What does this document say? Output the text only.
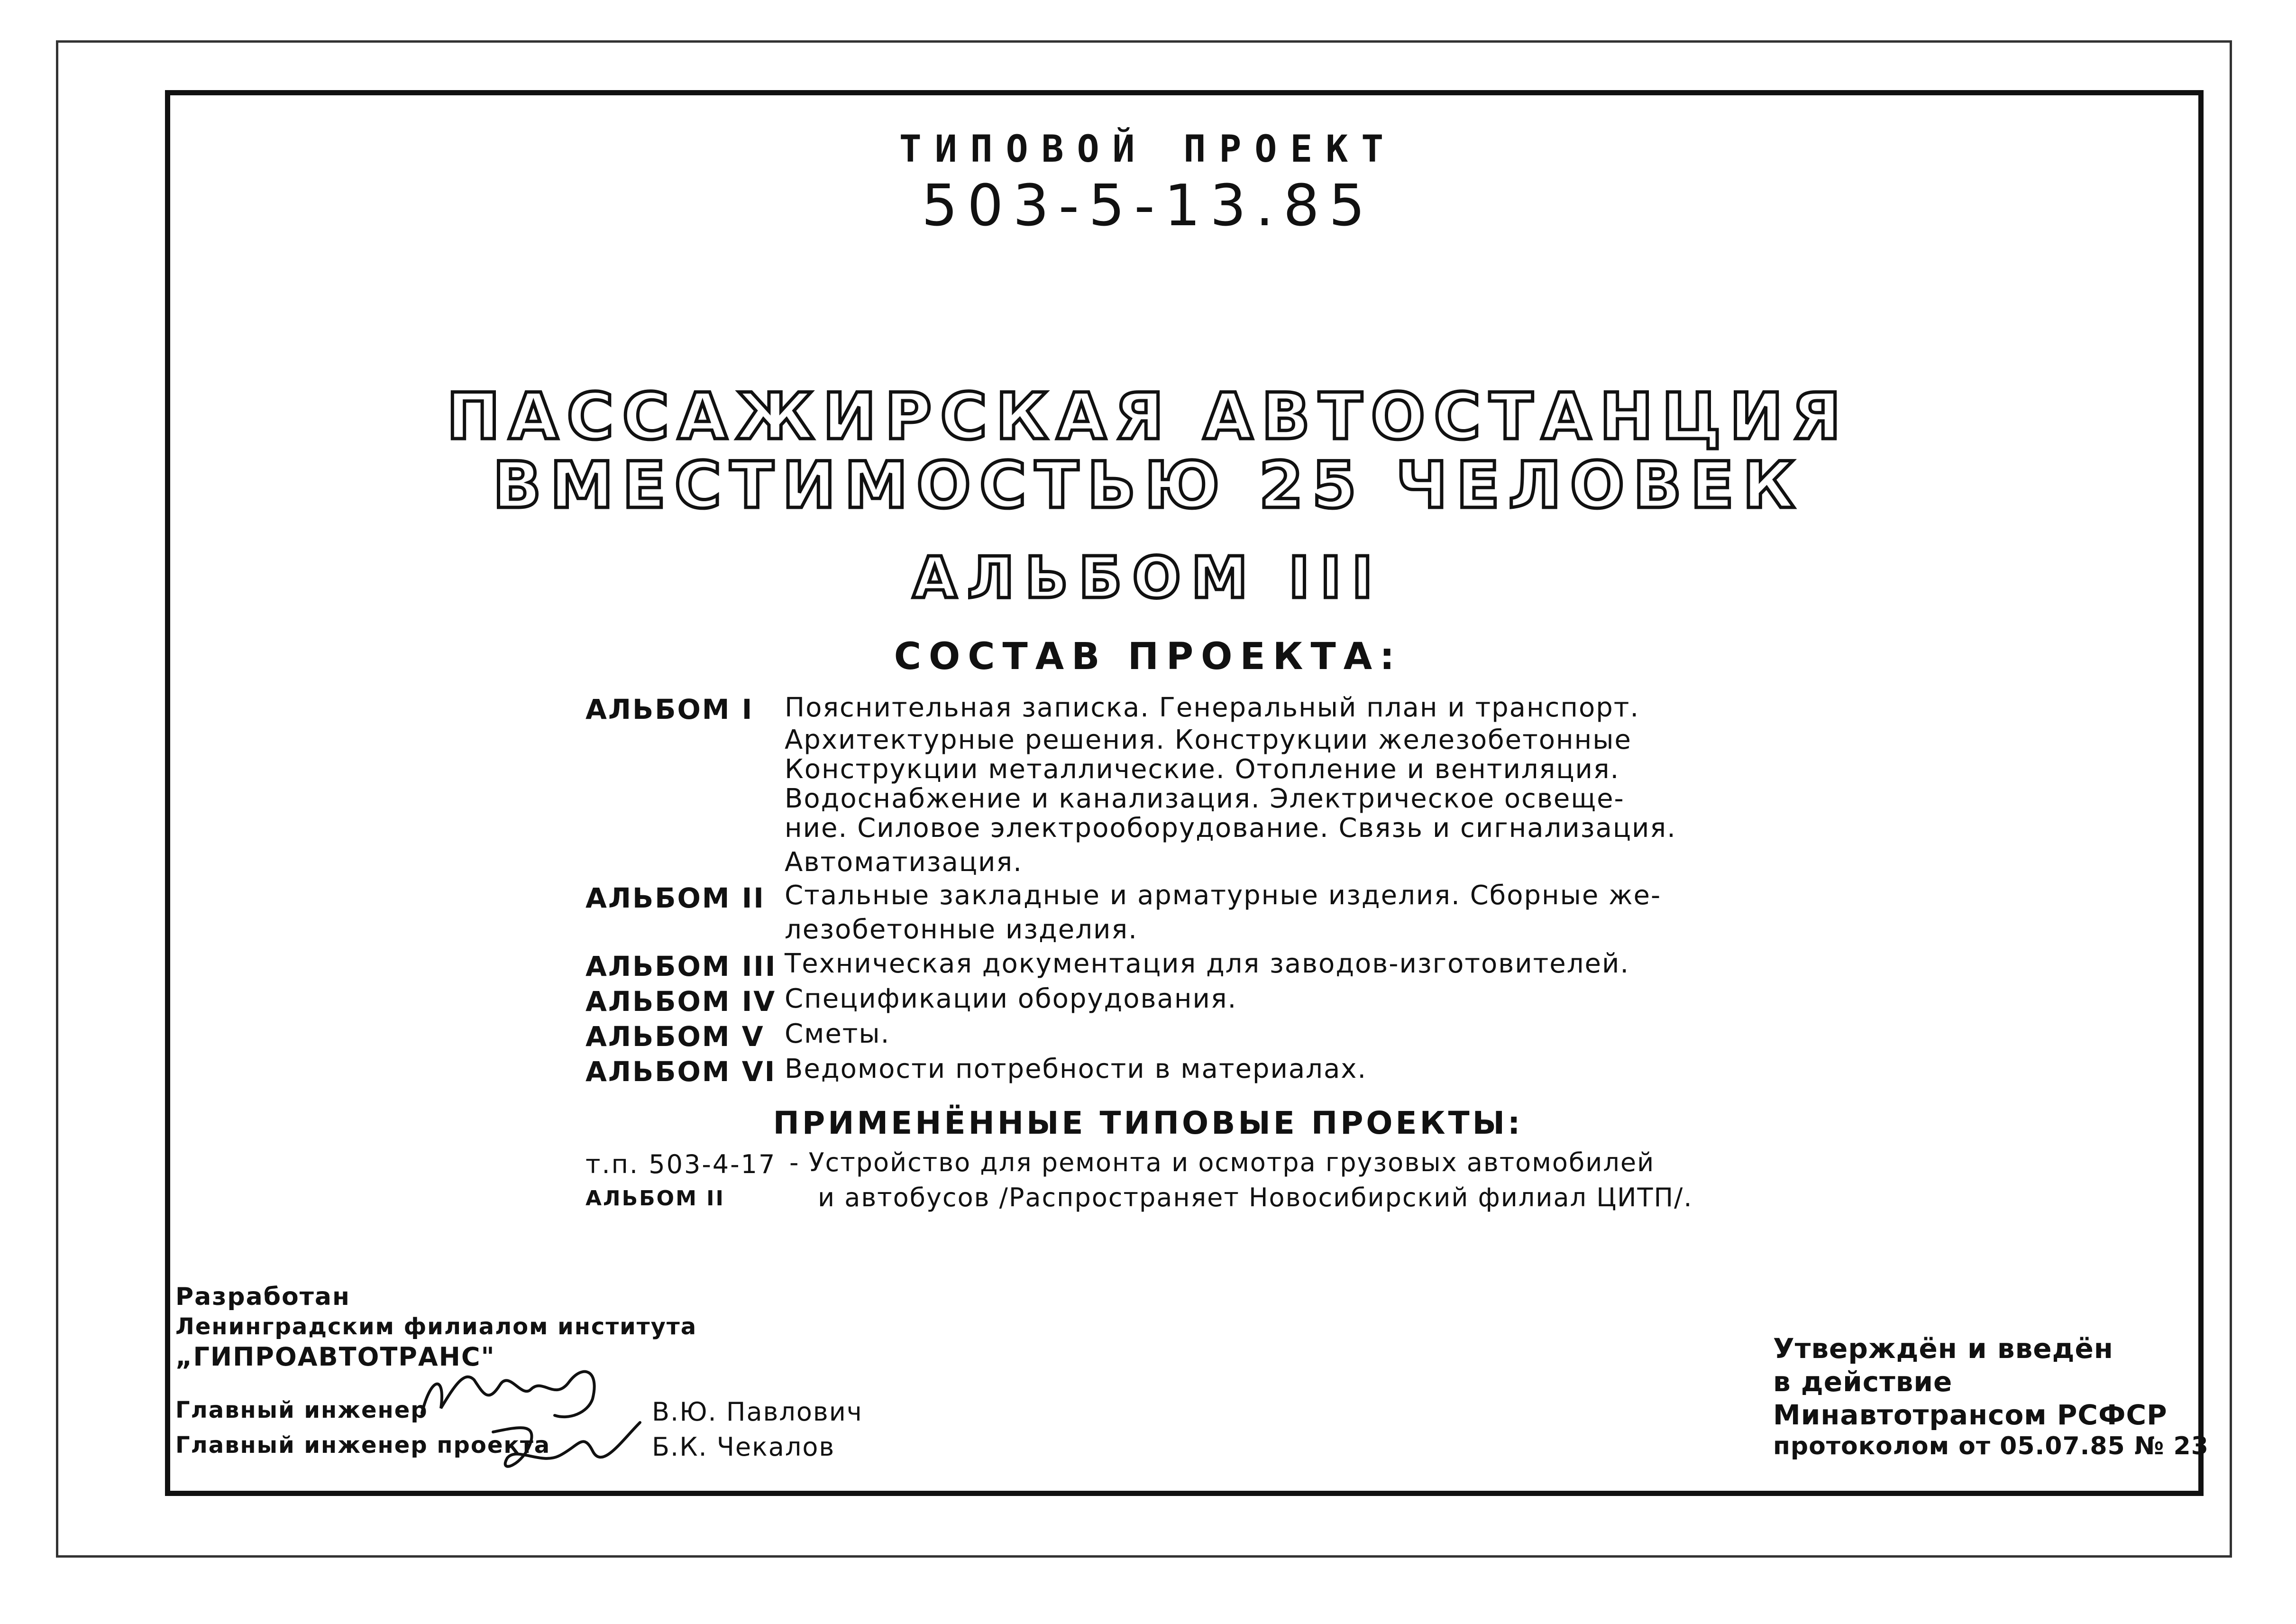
ТИПОВОЙ ПРОЕКТ
503-5-13.85
ПАССАЖИРСКАЯ АВТОСТАНЦИЯ
ВМЕСТИМОСТЬЮ 25 ЧЕЛОВЕК
АЛЬБОМ III
СОСТАВ ПРОЕКТА:
АЛЬБОМ I Пояснительная записка. Генеральный план и транспорт.
Архитектурные решения. Конструкции железобетонные
Конструкции металлические. Отопление и вентиляция.
Водоснабжение и канализация. Электрическое освеще-
ние. Силовое электрооборудование. Связь и сигнализация.
Автоматизация.
АЛЬБОМ II Стальные закладные и арматурные изделия. Сборные же-
лезобетонные изделия.
АЛЬБОМ III Техническая документация для заводов-изготовителей.
АЛЬБОМ IV Спецификации оборудования.
АЛЬБОМ V Сметы.
АЛЬБОМ VI Ведомости потребности в материалах.
ПРИМЕНЁННЫЕ ТИПОВЫЕ ПРОЕКТЫ:
т.п. 503-4-17 - Устройство для ремонта и осмотра грузовых автомобилей
АЛЬБОМ II	и автобусов /Распространяет Новосибирский филиал ЦИТП/.
Разработан
Ленинградским филиалом института
„ГИПРОАВТОТРАНС"
Главный инженер
Главный инженер проекта
В.Ю. Павлович
Б.К. Чекалов
Утверждён и введён
в действие
Минавтотрансом РСФСР
протоколом от 05.07.85 № 23
